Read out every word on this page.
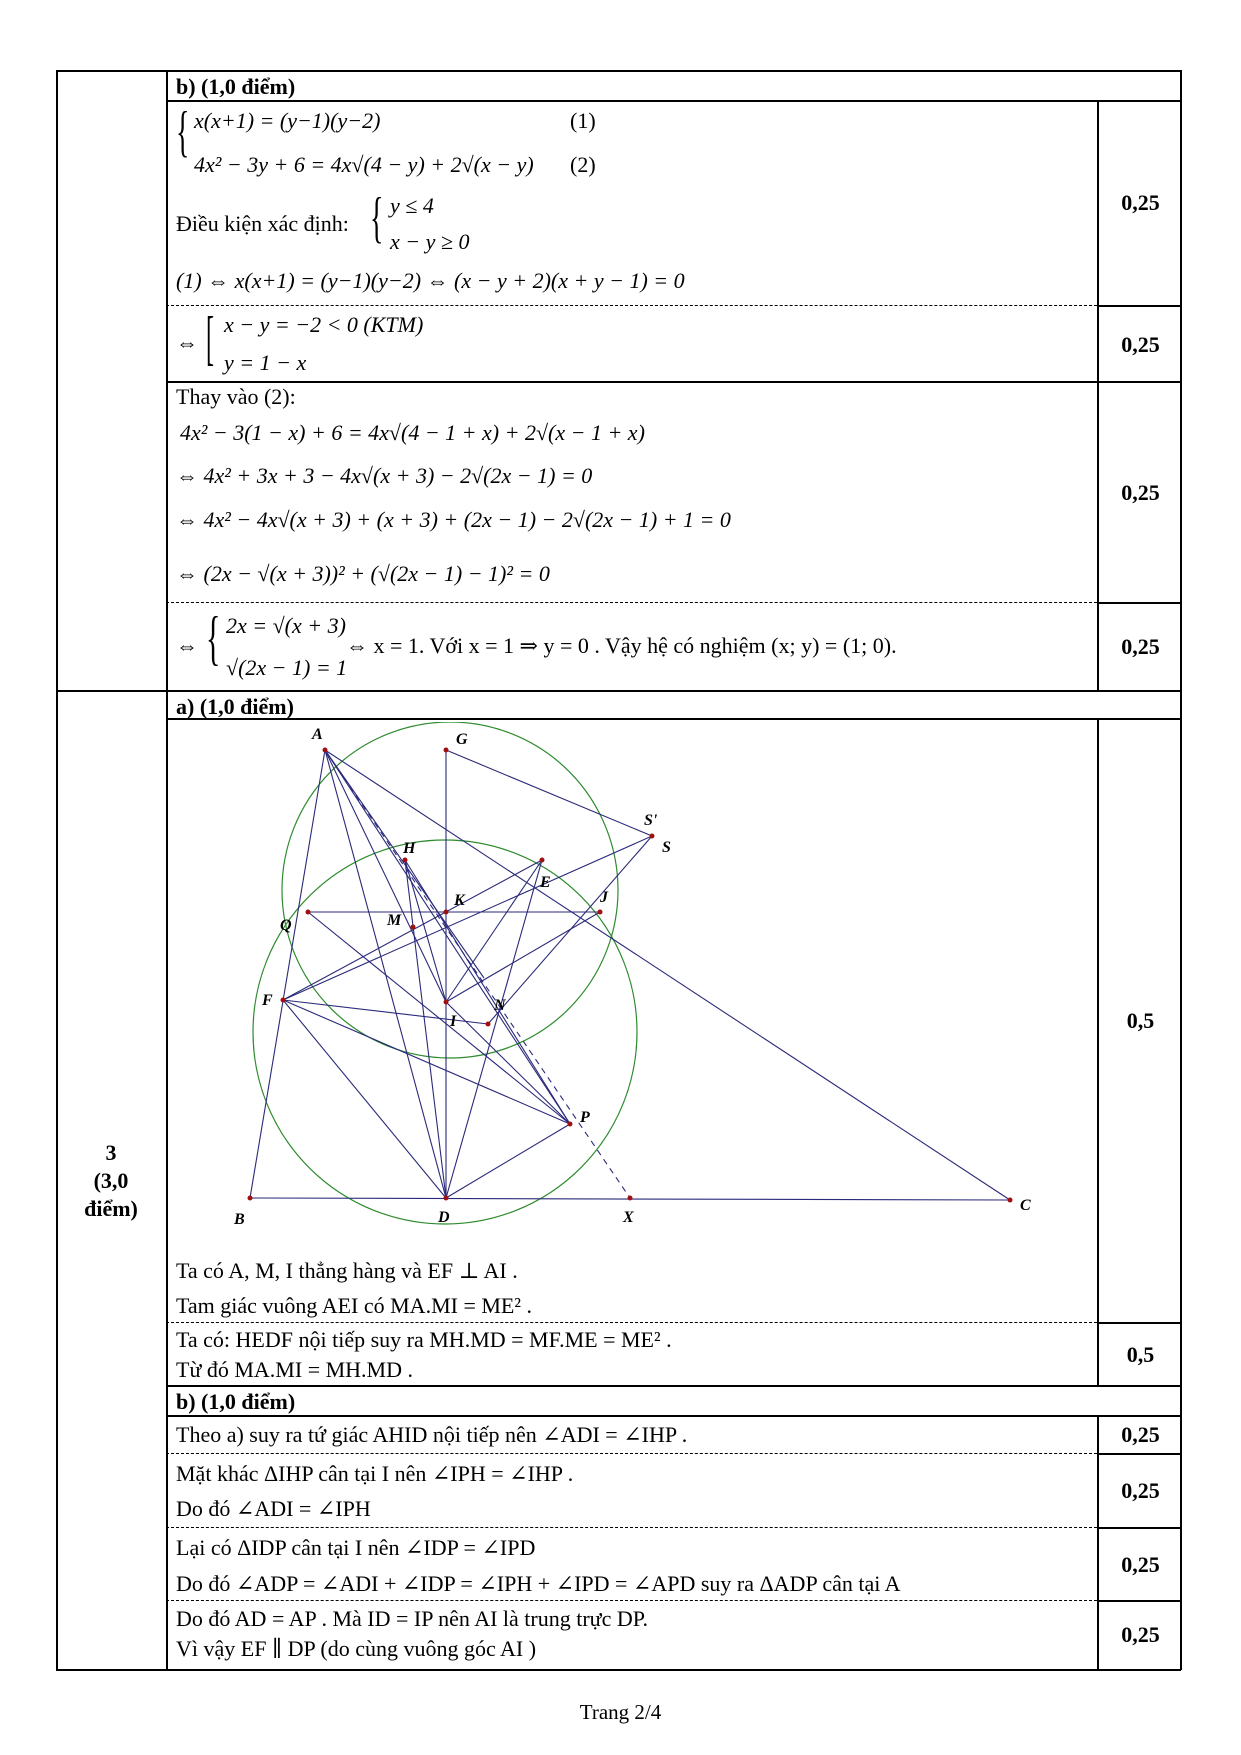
b) (1,0 điểm)
{ x(x+1) = (y−1)(y−2)	(1)
4x² − 3y + 6 = 4x√(4 − y) + 2√(x − y) (2)
Điều kiện xác định: { y ≤ 4
x − y ≥ 0
(1) ⇔ x(x+1) = (y−1)(y−2) ⇔ (x − y + 2)(x + y − 1) = 0
0,25
⇔ [ x − y = −2 < 0 (KTM)
y = 1 − x
0,25
Thay vào (2):
4x² − 3(1 − x) + 6 = 4x√(4 − 1 + x) + 2√(x − 1 + x)
⇔ 4x² + 3x + 3 − 4x√(x + 3) − 2√(2x − 1) = 0
⇔ 4x² − 4x√(x + 3) + (x + 3) + (2x − 1) − 2√(2x − 1) + 1 = 0
⇔ (2x − √(x + 3))² + (√(2x − 1) − 1)² = 0
0,25
⇔ { 2x = √(x + 3)
√(2x − 1) = 1
⇔ x = 1. Với x = 1 ⇒ y = 0 . Vậy hệ có nghiệm (x; y) = (1; 0).	0,25
3
(3,0
điểm)
a) (1,0 điểm)
A	G
S'
S
H
E
K	J
Q	M
F	N
I
P
B	D	X
C
Ta có A, M, I thẳng hàng và EF ⊥ AI .
Tam giác vuông AEI có MA.MI = ME² .
0,5
Ta có: HEDF nội tiếp suy ra MH.MD = MF.ME = ME² .
Từ đó MA.MI = MH.MD .
0,5
b) (1,0 điểm)
Theo a) suy ra tứ giác AHID nội tiếp nên ∠ADI = ∠IHP .	0,25
Mặt khác ΔIHP cân tại I nên ∠IPH = ∠IHP .
Do đó ∠ADI = ∠IPH
0,25
Lại có ΔIDP cân tại I nên ∠IDP = ∠IPD
Do đó ∠ADP = ∠ADI + ∠IDP = ∠IPH + ∠IPD = ∠APD suy ra ΔADP cân tại A
0,25
Do đó AD = AP . Mà ID = IP nên AI là trung trực DP.
Vì vậy EF ∥ DP (do cùng vuông góc AI )
0,25
Trang 2/4
